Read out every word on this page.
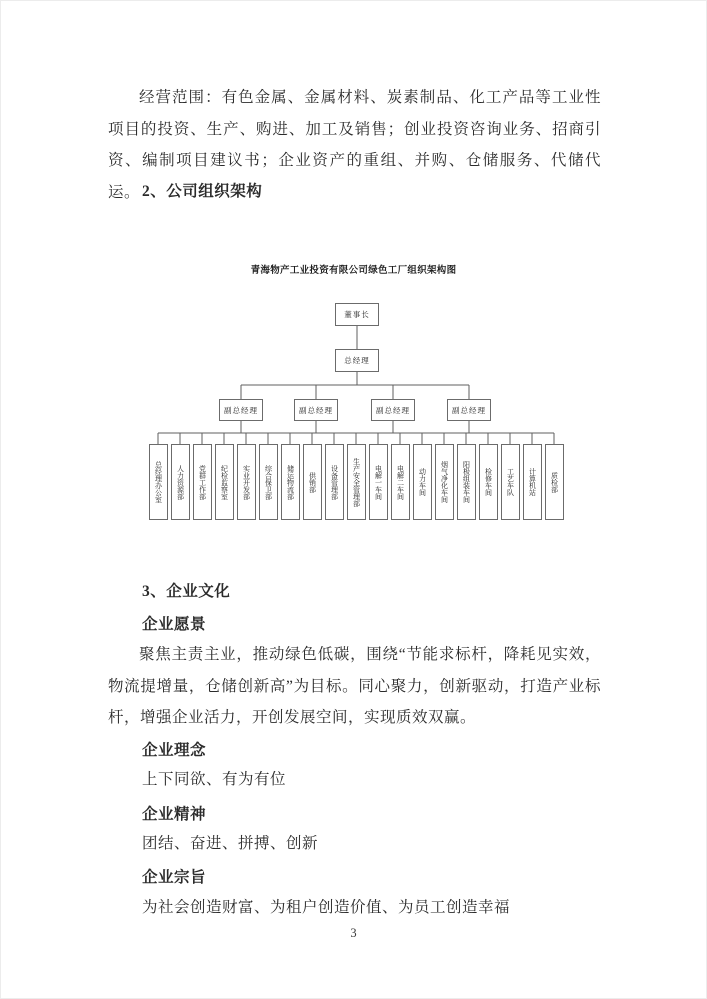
经营范围：有色金属、金属材料、炭素制品、化工产品等工业性项目的投资、生产、购进、加工及销售；创业投资咨询业务、招商引资、编制项目建议书；企业资产的重组、并购、仓储服务、代储代运。 2、公司组织架构
青海物产工业投资有限公司绿色工厂组织架构图
董事长
总经理
副总经理	副总经理	副总经理	副总经理
总经理办公室	人力资源部	党群工作部	纪检监察室	实业开发部	综合保卫部	储运物流部	供销部	设备管理部	生产安全管理部	电解一车间	电解二车间	动力车间	烟气净化车间	阳极组装车间	检修车间	工艺车队	计算机站	质检部
3、企业文化
企业愿景
聚焦主责主业，推动绿色低碳，围绕“节能求标杆，降耗见实效，物流提增量，仓储创新高”为目标。同心聚力，创新驱动，打造产业标杆，增强企业活力，开创发展空间，实现质效双赢。
企业理念
上下同欲、有为有位
企业精神
团结、奋进、拼搏、创新
企业宗旨
为社会创造财富、为租户创造价值、为员工创造幸福
3
